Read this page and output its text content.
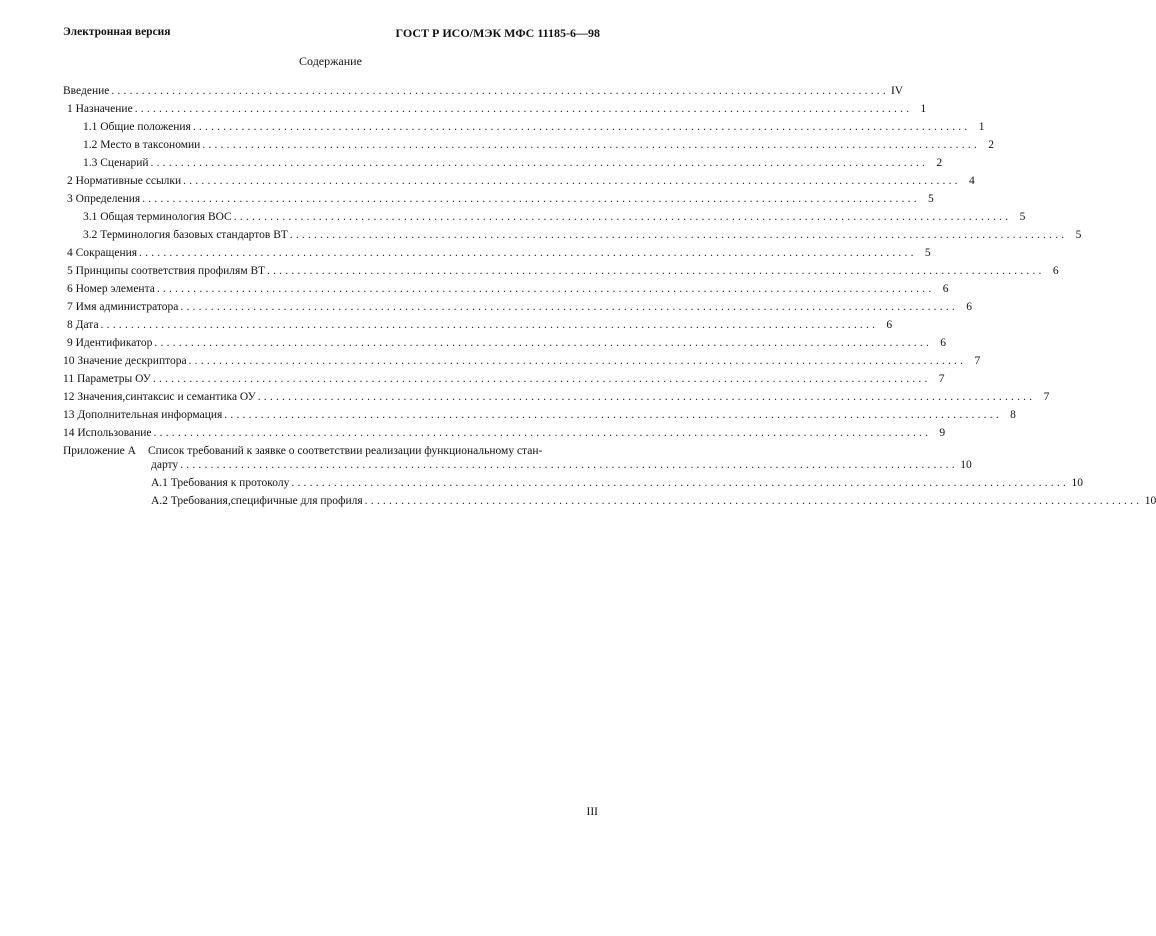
Электронная версия	ГОСТ Р ИСО/МЭК МФС 11185-6—98
Содержание
Введение ................................................................................................................................ IV
1 Назначение ................................................................................................................................ 1
1.1 Общие положения ................................................................................................................................ 1
1.2 Место в таксономии ................................................................................................................................ 2
1.3 Сценарий ................................................................................................................................ 2
2 Нормативные ссылки ................................................................................................................................ 4
3 Определения ................................................................................................................................ 5
3.1 Общая терминология ВОС ................................................................................................................................ 5
3.2 Терминология базовых стандартов ВТ ................................................................................................................................ 5
4 Сокращения ................................................................................................................................ 5
5 Принципы соответствия профилям ВТ ................................................................................................................................ 6
6 Номер элемента ................................................................................................................................ 6
7 Имя администратора ................................................................................................................................ 6
8 Дата ................................................................................................................................ 6
9 Идентификатор ................................................................................................................................ 6
10 Значение дескриптора ................................................................................................................................ 7
11 Параметры ОУ ................................................................................................................................ 7
12 Значения,синтаксис и семантика ОУ ................................................................................................................................ 7
13 Дополнительная информация ................................................................................................................................ 8
14 Использование ................................................................................................................................ 9
Приложение А Список требований к заявке о соответствии реализации функциональному стан-
дарту ................................................................................................................................ 10
А.1 Требования к протоколу ................................................................................................................................ 10
А.2 Требования,специфичные для профиля ................................................................................................................................ 10
III
